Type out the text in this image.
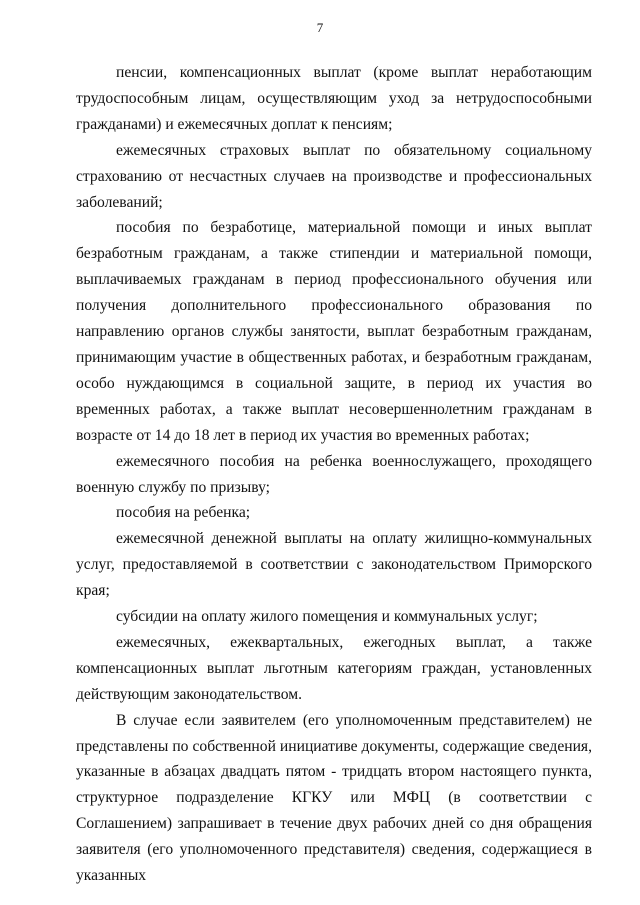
7

пенсии, компенсационных выплат (кроме выплат неработающим трудоспособным лицам, осуществляющим уход за нетрудоспособными гражданами) и ежемесячных доплат к пенсиям;

ежемесячных страховых выплат по обязательному социальному страхованию от несчастных случаев на производстве и профессиональных заболеваний;

пособия по безработице, материальной помощи и иных выплат безработным гражданам, а также стипендии и материальной помощи, выплачиваемых гражданам в период профессионального обучения или получения дополнительного профессионального образования по направлению органов службы занятости, выплат безработным гражданам, принимающим участие в общественных работах, и безработным гражданам, особо нуждающимся в социальной защите, в период их участия во временных работах, а также выплат несовершеннолетним гражданам в возрасте от 14 до 18 лет в период их участия во временных работах;

ежемесячного пособия на ребенка военнослужащего, проходящего военную службу по призыву;

пособия на ребенка;

ежемесячной денежной выплаты на оплату жилищно-коммунальных услуг, предоставляемой в соответствии с законодательством Приморского края;

субсидии на оплату жилого помещения и коммунальных услуг;

ежемесячных, ежеквартальных, ежегодных выплат, а также компенсационных выплат льготным категориям граждан, установленных действующим законодательством.

В случае если заявителем (его уполномоченным представителем) не представлены по собственной инициативе документы, содержащие сведения, указанные в абзацах двадцать пятом - тридцать втором настоящего пункта, структурное подразделение КГКУ или МФЦ (в соответствии с Соглашением) запрашивает в течение двух рабочих дней со дня обращения заявителя (его уполномоченного представителя) сведения, содержащиеся в указанных
